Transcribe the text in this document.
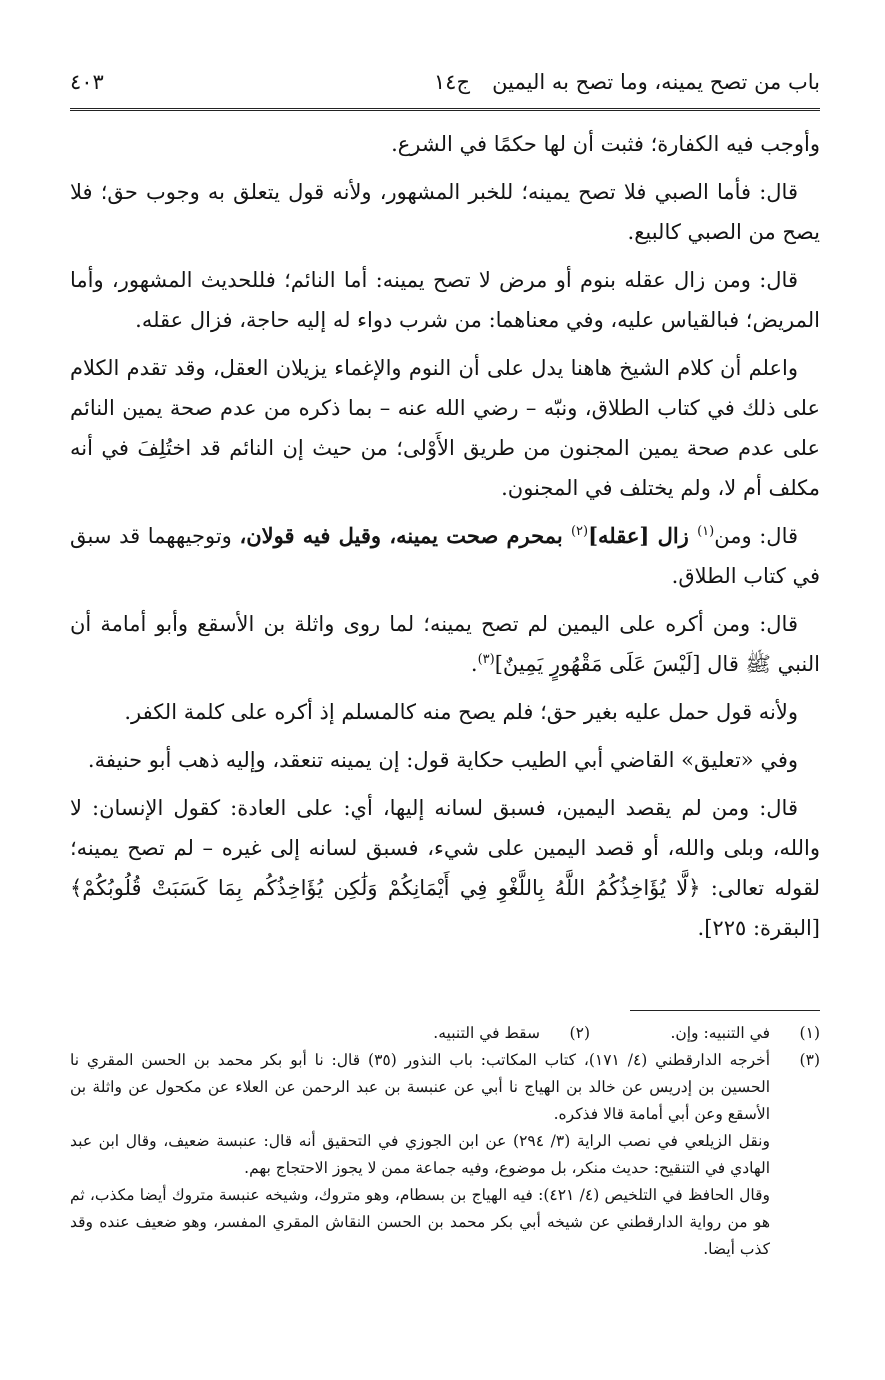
باب من تصح يمينه، وما تصح به اليمين
ج١٤
٤٠٣

وأوجب فيه الكفارة؛ فثبت أن لها حكمًا في الشرع.

قال: فأما الصبي فلا تصح يمينه؛ للخبر المشهور، ولأنه قول يتعلق به وجوب حق؛ فلا يصح من الصبي كالبيع.

قال: ومن زال عقله بنوم أو مرض لا تصح يمينه: أما النائم؛ فللحديث المشهور، وأما المريض؛ فبالقياس عليه، وفي معناهما: من شرب دواء له إليه حاجة، فزال عقله.

واعلم أن كلام الشيخ هاهنا يدل على أن النوم والإغماء يزيلان العقل، وقد تقدم الكلام على ذلك في كتاب الطلاق، ونبّه – رضي الله عنه – بما ذكره من عدم صحة يمين النائم على عدم صحة يمين المجنون من طريق الأَوْلى؛ من حيث إن النائم قد اختُلِفَ في أنه مكلف أم لا، ولم يختلف في المجنون.

قال: ومن$^{(١)}$ زال [عقله]$^{(٢)}$ بمحرم صحت يمينه، وقيل فيه قولان، وتوجيههما قد سبق في كتاب الطلاق.

قال: ومن أكره على اليمين لم تصح يمينه؛ لما روى واثلة بن الأسقع وأبو أمامة أن النبي ﷺ قال [لَيْسَ عَلَى مَقْهُورٍ يَمِينٌ]$^{(٣)}$.

ولأنه قول حمل عليه بغير حق؛ فلم يصح منه كالمسلم إذ أكره على كلمة الكفر.

وفي «تعليق» القاضي أبي الطيب حكاية قول: إن يمينه تنعقد، وإليه ذهب أبو حنيفة.

قال: ومن لم يقصد اليمين، فسبق لسانه إليها، أي: على العادة: كقول الإنسان: لا والله، وبلى والله، أو قصد اليمين على شيء، فسبق لسانه إلى غيره – لم تصح يمينه؛ لقوله تعالى: ﴿لَّا يُؤَاخِذُكُمُ اللَّهُ بِاللَّغْوِ فِي أَيْمَانِكُمْ وَلَٰكِن يُؤَاخِذُكُم بِمَا كَسَبَتْ قُلُوبُكُمْ﴾ [البقرة: ٢٢٥].

(١)
في التنبيه: وإن.
(٢)
سقط في التنبيه.
(٣)

أخرجه الدارقطني (٤/ ١٧١)، كتاب المكاتب: باب النذور (٣٥) قال: نا أبو بكر محمد بن الحسن المقري نا الحسين بن إدريس عن خالد بن الهياج نا أبي عن عنبسة بن عبد الرحمن عن العلاء عن مكحول عن واثلة بن الأسقع وعن أبي أمامة قالا فذكره.

ونقل الزيلعي في نصب الراية (٣/ ٢٩٤) عن ابن الجوزي في التحقيق أنه قال: عنبسة ضعيف، وقال ابن عبد الهادي في التنقيح: حديث منكر، بل موضوع، وفيه جماعة ممن لا يجوز الاحتجاج بهم.

وقال الحافظ في التلخيص (٤/ ٤٢١): فيه الهياج بن بسطام، وهو متروك، وشيخه عنبسة متروك أيضا مكذب، ثم هو من رواية الدارقطني عن شيخه أبي بكر محمد بن الحسن النقاش المقري المفسر، وهو ضعيف عنده وقد كذب أيضا.
